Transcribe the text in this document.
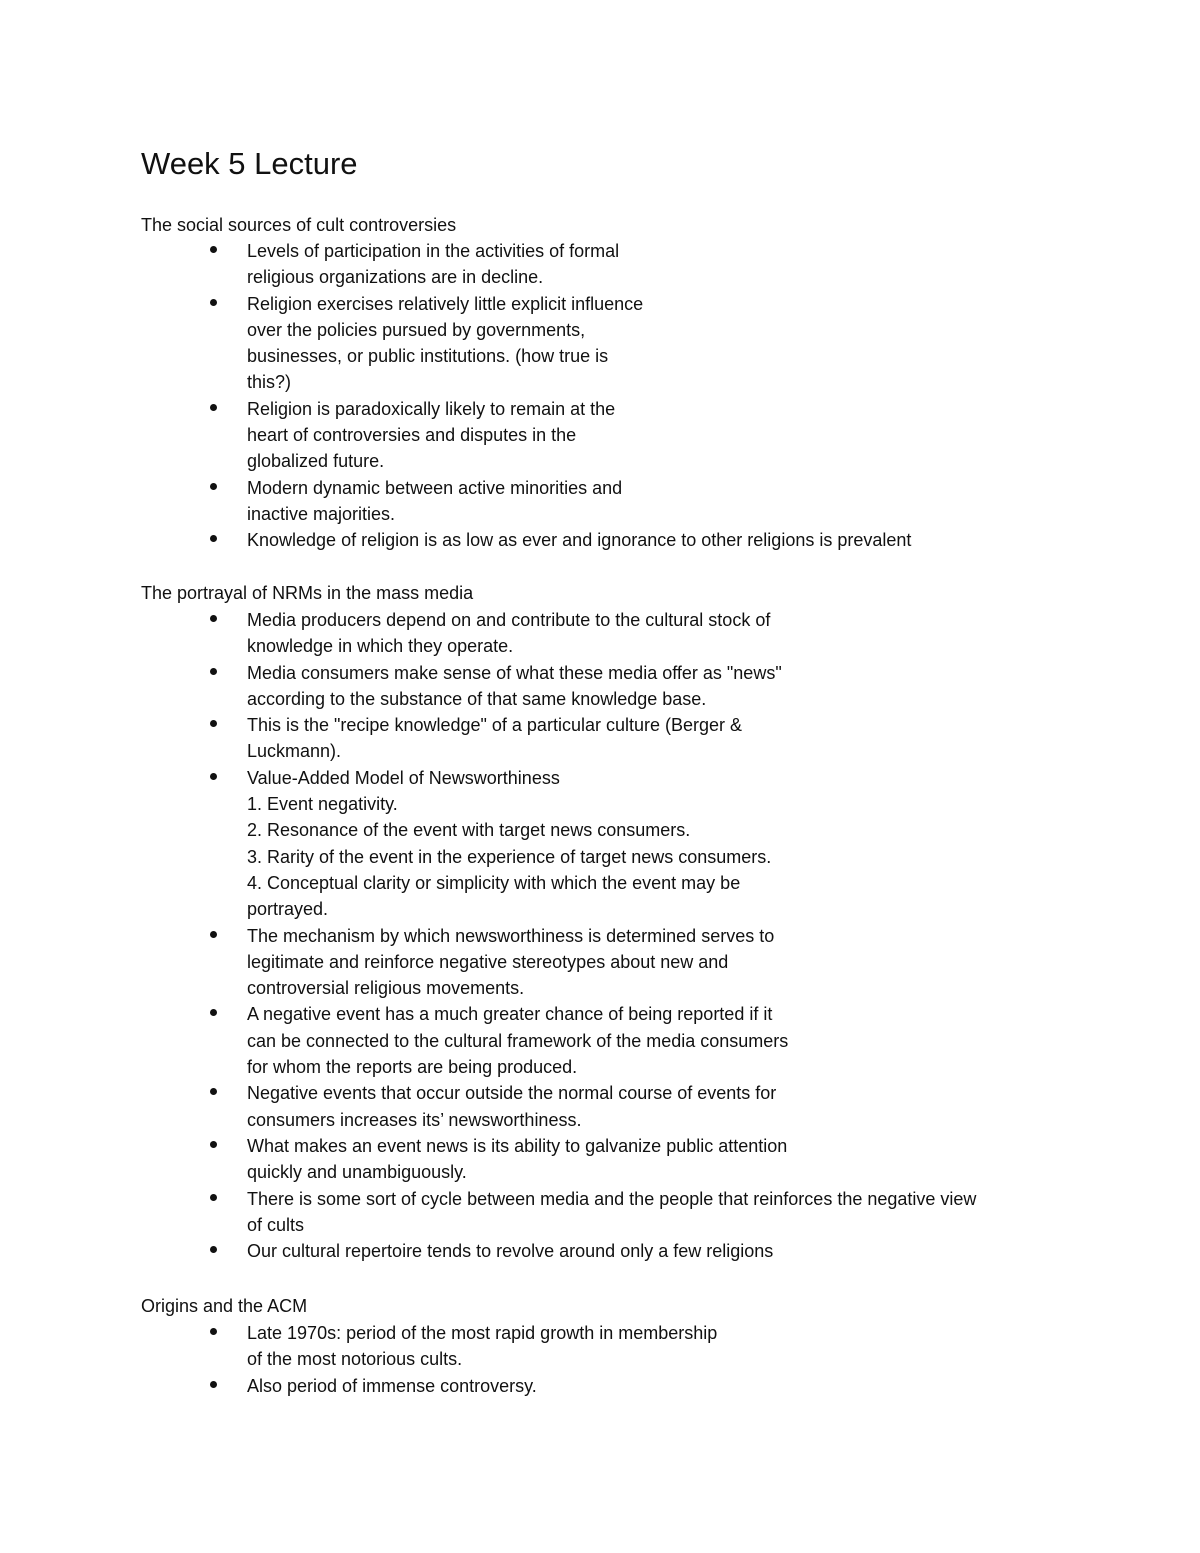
Week 5 Lecture

The social sources of cult controversies

Levels of participation in the activities of formal
religious organizations are in decline.
Religion exercises relatively little explicit influence
over the policies pursued by governments,
businesses, or public institutions. (how true is
this?)
Religion is paradoxically likely to remain at the
heart of controversies and disputes in the
globalized future.
Modern dynamic between active minorities and
inactive majorities.
Knowledge of religion is as low as ever and ignorance to other religions is prevalent

The portrayal of NRMs in the mass media

Media producers depend on and contribute to the cultural stock of
knowledge in which they operate.
Media consumers make sense of what these media offer as "news"
according to the substance of that same knowledge base.
This is the "recipe knowledge" of a particular culture (Berger &
Luckmann).
Value-Added Model of Newsworthiness
1. Event negativity.
2. Resonance of the event with target news consumers.
3. Rarity of the event in the experience of target news consumers.
4. Conceptual clarity or simplicity with which the event may be
portrayed.
The mechanism by which newsworthiness is determined serves to
legitimate and reinforce negative stereotypes about new and
controversial religious movements.
A negative event has a much greater chance of being reported if it
can be connected to the cultural framework of the media consumers
for whom the reports are being produced.
Negative events that occur outside the normal course of events for
consumers increases its’ newsworthiness.
What makes an event news is its ability to galvanize public attention
quickly and unambiguously.
There is some sort of cycle between media and the people that reinforces the negative view
of cults
Our cultural repertoire tends to revolve around only a few religions

Origins and the ACM

Late 1970s: period of the most rapid growth in membership
of the most notorious cults.
Also period of immense controversy.
